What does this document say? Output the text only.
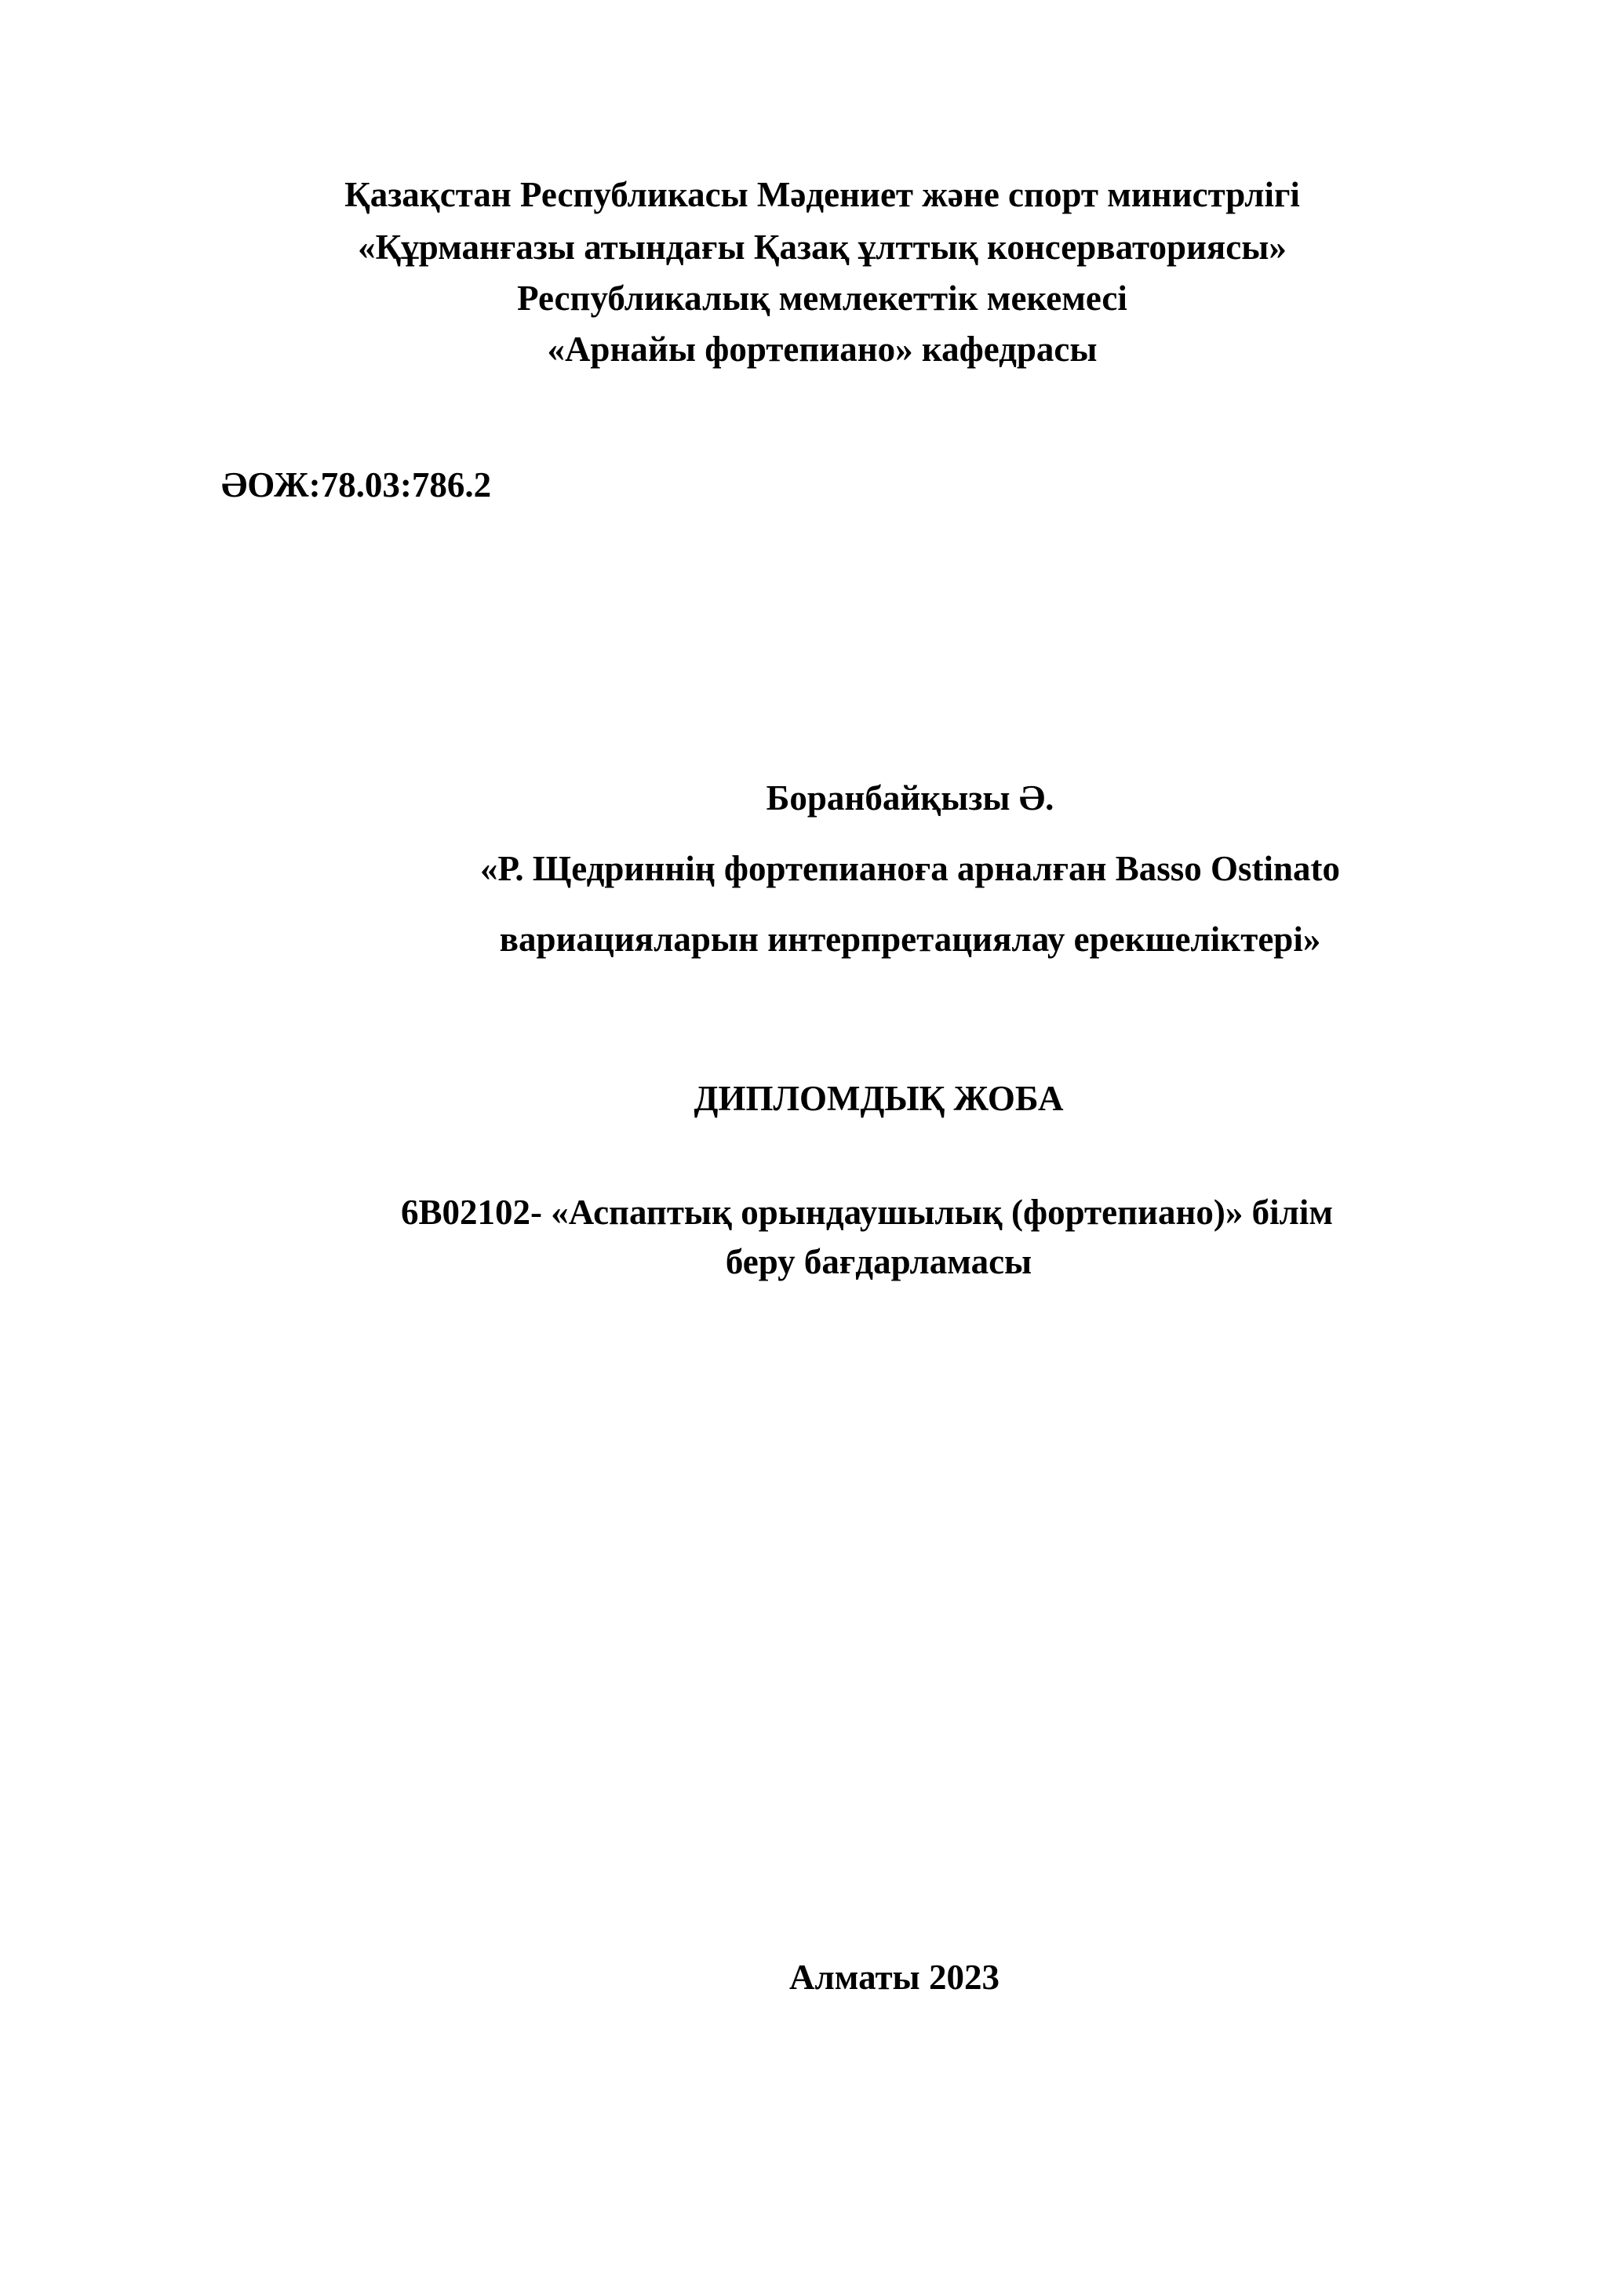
Қазақстан Республикасы Мәдениет және спорт министрлігі

«Құрманғазы атындағы Қазақ ұлттық консерваториясы»

Республикалық мемлекеттік мекемесі

«Арнайы фортепиано» кафедрасы

ӘОЖ:78.03:786.2

Боранбайқызы Ә.

«Р. Щедриннің фортепианоға арналған Basso Ostinato

вариацияларын интерпретациялау ерекшеліктері»

ДИПЛОМДЫҚ ЖОБА

6В02102- «Аспаптық орындаушылық (фортепиано)» білім

беру бағдарламасы

Алматы 2023
